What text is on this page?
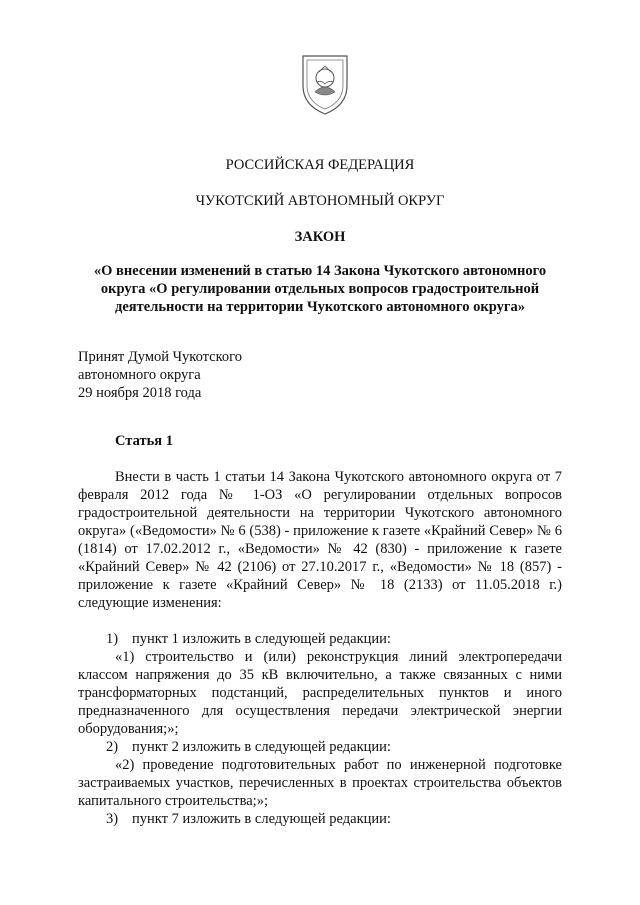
РОССИЙСКАЯ ФЕДЕРАЦИЯ
ЧУКОТСКИЙ АВТОНОМНЫЙ ОКРУГ
ЗАКОН
«О внесении изменений в статью 14 Закона Чукотского автономного округа «О регулировании отдельных вопросов градостроительной деятельности на территории Чукотского автономного округа»
Принят Думой Чукотского
автономного округа
29 ноября 2018 года
Статья 1

Внести в часть 1 статьи 14 Закона Чукотского автономного округа от 7 февраля 2012 года № 1-ОЗ «О регулировании отдельных вопросов градостроительной деятельности на территории Чукотского автономного округа» («Ведомости» № 6 (538) - приложение к газете «Крайний Север» № 6 (1814) от 17.02.2012 г., «Ведомости» № 42 (830) - приложение к газете «Крайний Север» № 42 (2106) от 27.10.2017 г., «Ведомости» № 18 (857) - приложение к газете «Крайний Север» № 18 (2133) от 11.05.2018 г.) следующие изменения:

1) пункт 1 изложить в следующей редакции:

«1) строительство и (или) реконструкция линий электропередачи классом напряжения до 35 кВ включительно, а также связанных с ними трансформаторных подстанций, распределительных пунктов и иного предназначенного для осуществления передачи электрической энергии оборудования;»;

2) пункт 2 изложить в следующей редакции:

«2) проведение подготовительных работ по инженерной подготовке застраиваемых участков, перечисленных в проектах строительства объектов капитального строительства;»;

3) пункт 7 изложить в следующей редакции:
